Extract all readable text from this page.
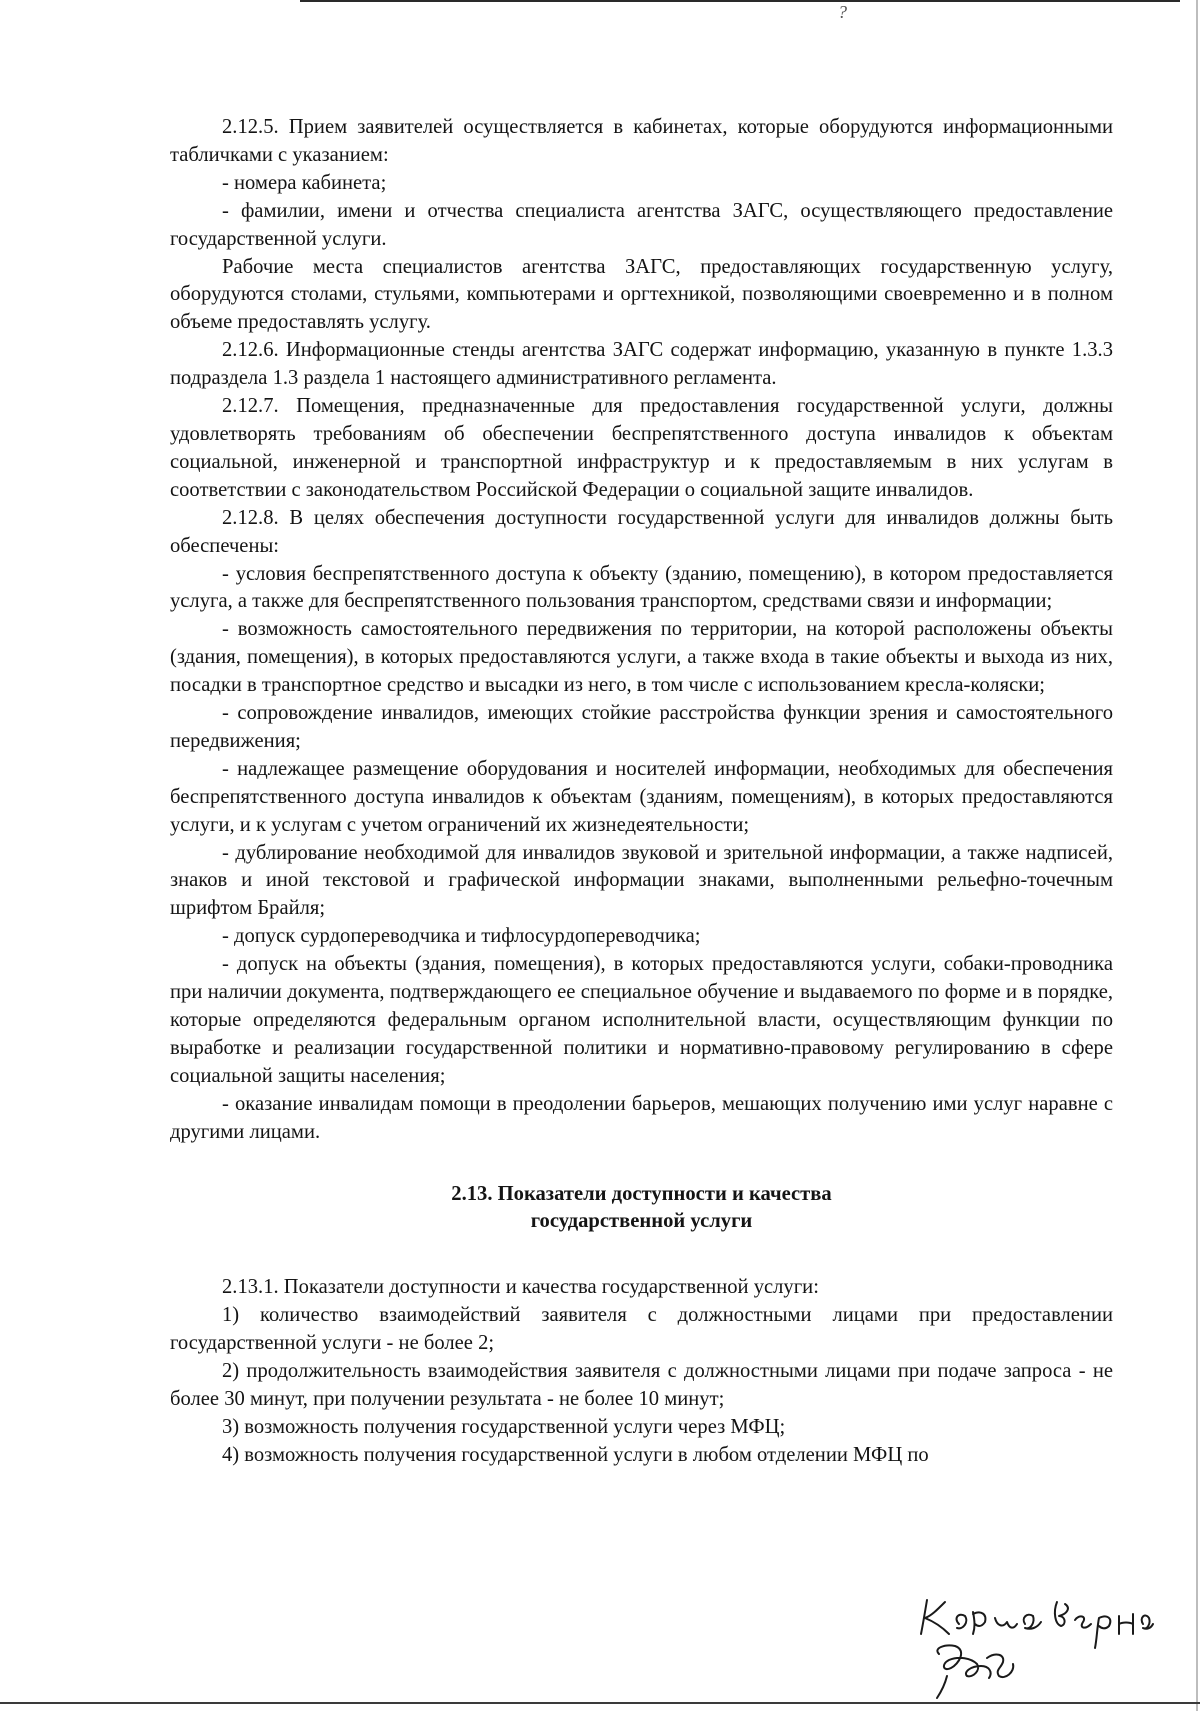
?

2.12.5. Прием заявителей осуществляется в кабинетах, которые оборудуются информационными табличками с указанием:

- номера кабинета;

- фамилии, имени и отчества специалиста агентства ЗАГС, осуществляющего предоставление государственной услуги.

Рабочие места специалистов агентства ЗАГС, предоставляющих государственную услугу, оборудуются столами, стульями, компьютерами и оргтехникой, позволяющими своевременно и в полном объеме предоставлять услугу.

2.12.6. Информационные стенды агентства ЗАГС содержат информацию, указанную в пункте 1.3.3 подраздела 1.3 раздела 1 настоящего административного регламента.

2.12.7. Помещения, предназначенные для предоставления государственной услуги, должны удовлетворять требованиям об обеспечении беспрепятственного доступа инвалидов к объектам социальной, инженерной и транспортной инфраструктур и к предоставляемым в них услугам в соответствии с законодательством Российской Федерации о социальной защите инвалидов.

2.12.8. В целях обеспечения доступности государственной услуги для инвалидов должны быть обеспечены:

- условия беспрепятственного доступа к объекту (зданию, помещению), в котором предоставляется услуга, а также для беспрепятственного пользования транспортом, средствами связи и информации;

- возможность самостоятельного передвижения по территории, на которой расположены объекты (здания, помещения), в которых предоставляются услуги, а также входа в такие объекты и выхода из них, посадки в транспортное средство и высадки из него, в том числе с использованием кресла-коляски;

- сопровождение инвалидов, имеющих стойкие расстройства функции зрения и самостоятельного передвижения;

- надлежащее размещение оборудования и носителей информации, необходимых для обеспечения беспрепятственного доступа инвалидов к объектам (зданиям, помещениям), в которых предоставляются услуги, и к услугам с учетом ограничений их жизнедеятельности;

- дублирование необходимой для инвалидов звуковой и зрительной информации, а также надписей, знаков и иной текстовой и графической информации знаками, выполненными рельефно-точечным шрифтом Брайля;

- допуск сурдопереводчика и тифлосурдопереводчика;

- допуск на объекты (здания, помещения), в которых предоставляются услуги, собаки-проводника при наличии документа, подтверждающего ее специальное обучение и выдаваемого по форме и в порядке, которые определяются федеральным органом исполнительной власти, осуществляющим функции по выработке и реализации государственной политики и нормативно-правовому регулированию в сфере социальной защиты населения;

- оказание инвалидам помощи в преодолении барьеров, мешающих получению ими услуг наравне с другими лицами.

2.13. Показатели доступности и качества
государственной услуги

2.13.1. Показатели доступности и качества государственной услуги:

1) количество взаимодействий заявителя с должностными лицами при предоставлении государственной услуги - не более 2;

2) продолжительность взаимодействия заявителя с должностными лицами при подаче запроса - не более 30 минут, при получении результата - не более 10 минут;

3) возможность получения государственной услуги через МФЦ;

4) возможность получения государственной услуги в любом отделении МФЦ по
